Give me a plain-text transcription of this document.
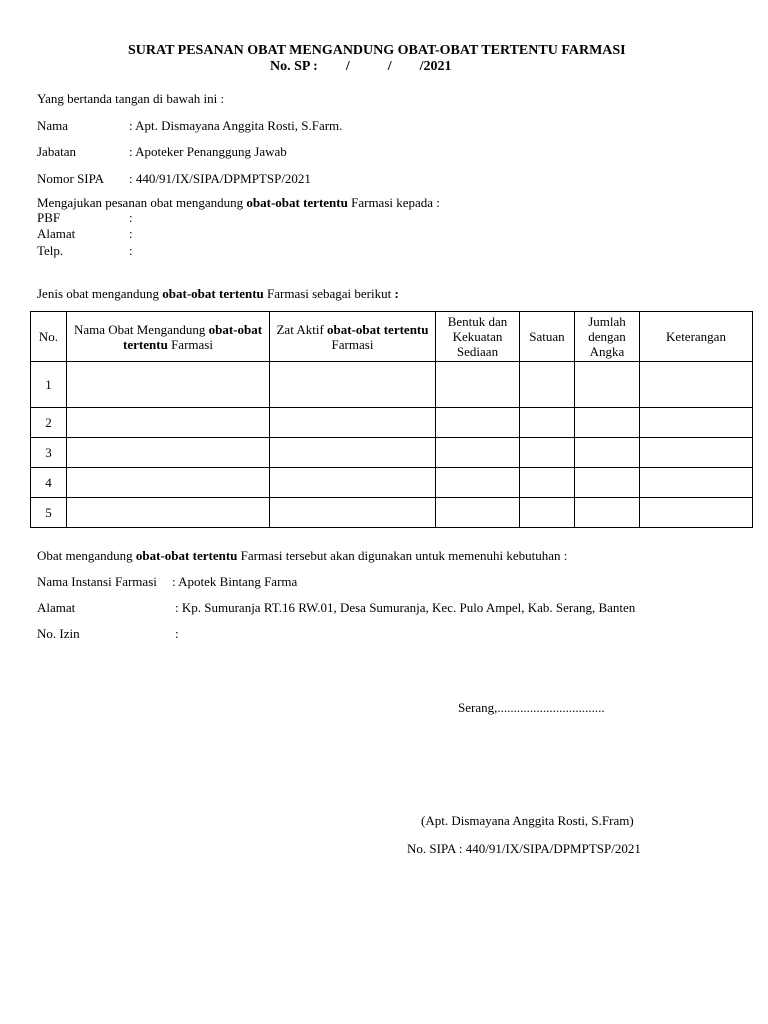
SURAT PESANAN OBAT MENGANDUNG OBAT-OBAT TERTENTU FARMASI
No. SP : /	/ /2021
Yang bertanda tangan di bawah ini :
Nama	: Apt. Dismayana Anggita Rosti, S.Farm.
Jabatan	: Apoteker Penanggung Jawab
Nomor SIPA : 440/91/IX/SIPA/DPMPTSP/2021
Mengajukan pesanan obat mengandung obat-obat tertentu Farmasi kepada :
PBF	:
Alamat	:
Telp.	:
Jenis obat mengandung obat-obat tertentu Farmasi sebagai berikut :
No.	Nama Obat Mengandung obat-obat tertentu Farmasi	Zat Aktif obat-obat tertentu Farmasi	Bentuk dan Kekuatan Sediaan	Satuan	Jumlah dengan Angka	Keterangan
1						
2						
3						
4						
5						
Obat mengandung obat-obat tertentu Farmasi tersebut akan digunakan untuk memenuhi kebutuhan :
Nama Instansi Farmasi : Apotek Bintang Farma
Alamat	: Kp. Sumuranja RT.16 RW.01, Desa Sumuranja, Kec. Pulo Ampel, Kab. Serang, Banten
No. Izin	:
Serang,.................................
(Apt. Dismayana Anggita Rosti, S.Fram)
No. SIPA : 440/91/IX/SIPA/DPMPTSP/2021
